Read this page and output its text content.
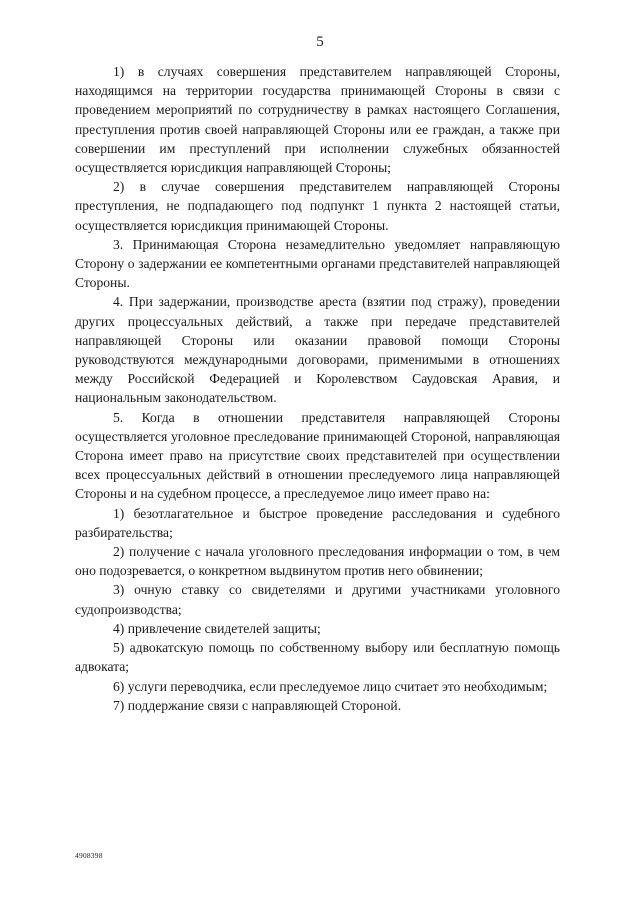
5

1) в случаях совершения представителем направляющей Стороны, находящимся на территории государства принимающей Стороны в связи с проведением мероприятий по сотрудничеству в рамках настоящего Соглашения, преступления против своей направляющей Стороны или ее граждан, а также при совершении им преступлений при исполнении служебных обязанностей осуществляется юрисдикция направляющей Стороны;

2) в случае совершения представителем направляющей Стороны преступления, не подпадающего под подпункт 1 пункта 2 настоящей статьи, осуществляется юрисдикция принимающей Стороны.

3. Принимающая Сторона незамедлительно уведомляет направляющую Сторону о задержании ее компетентными органами представителей направляющей Стороны.

4. При задержании, производстве ареста (взятии под стражу), проведении других процессуальных действий, а также при передаче представителей направляющей Стороны или оказании правовой помощи Стороны руководствуются международными договорами, применимыми в отношениях между Российской Федерацией и Королевством Саудовская Аравия, и национальным законодательством.

5. Когда в отношении представителя направляющей Стороны осуществляется уголовное преследование принимающей Стороной, направляющая Сторона имеет право на присутствие своих представителей при осуществлении всех процессуальных действий в отношении преследуемого лица направляющей Стороны и на судебном процессе, а преследуемое лицо имеет право на:

1) безотлагательное и быстрое проведение расследования и судебного разбирательства;

2) получение с начала уголовного преследования информации о том, в чем оно подозревается, о конкретном выдвинутом против него обвинении;

3) очную ставку со свидетелями и другими участниками уголовного судопроизводства;

4) привлечение свидетелей защиты;

5) адвокатскую помощь по собственному выбору или бесплатную помощь адвоката;

6) услуги переводчика, если преследуемое лицо считает это необходимым;

7) поддержание связи с направляющей Стороной.

4908398
